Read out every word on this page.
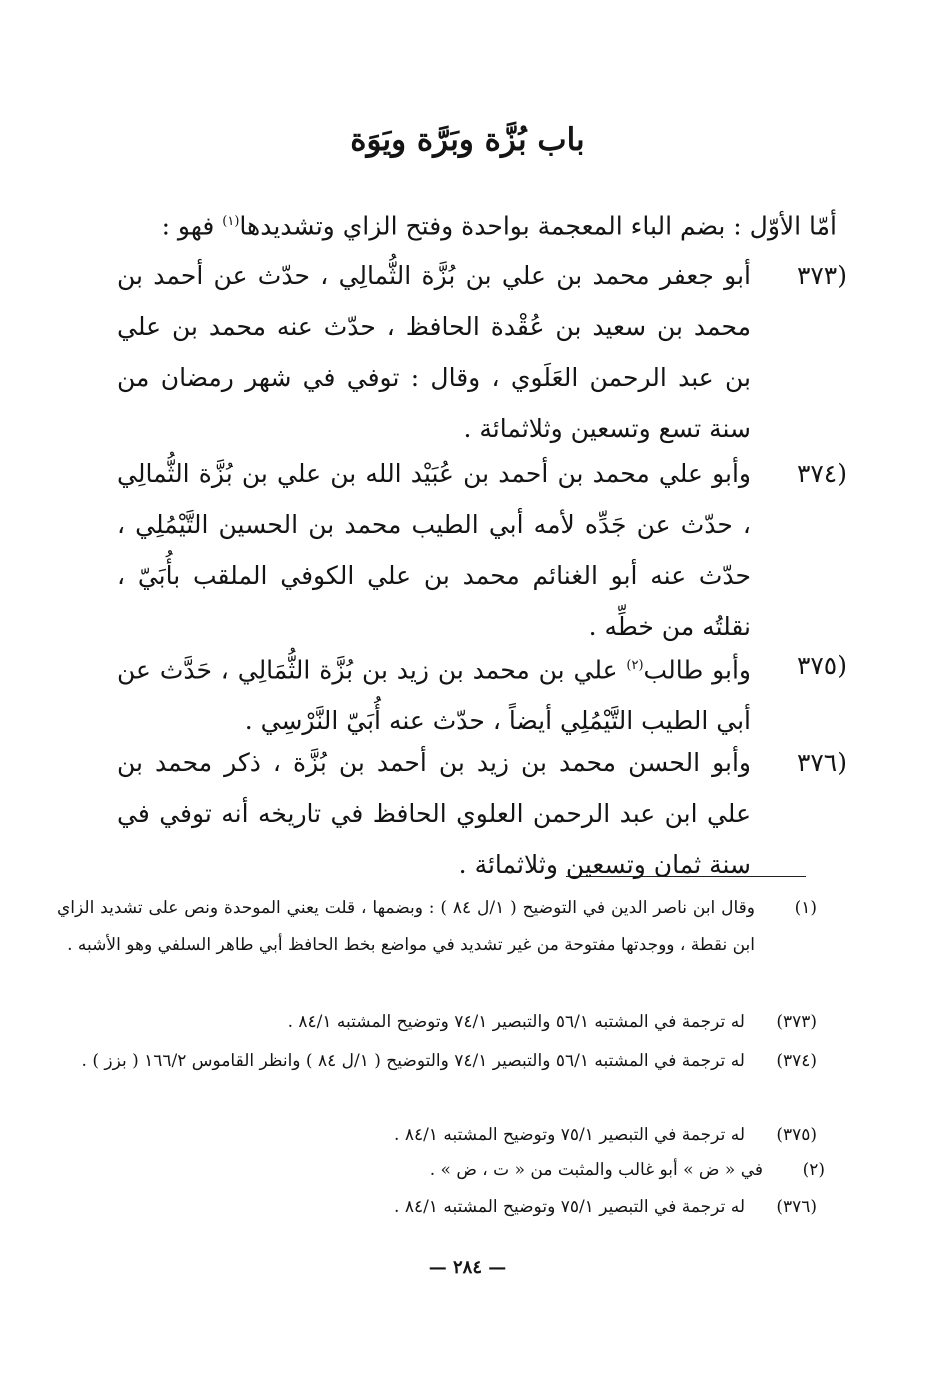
باب بُزَّة وبَرَّة ويَوَة
أمّا الأوّل : بضم الباء المعجمة بواحدة وفتح الزاي وتشديدها$^{(١)}$ فهو :
(٣٧٣
أبو جعفر محمد بن علي بن بُزَّة الثُّمالِي ، حدّث عن أحمد بن محمد بن سعيد بن عُقْدة الحافظ ، حدّث عنه محمد بن علي بن عبد الرحمن العَلَوي ، وقال : توفي في شهر رمضان من سنة تسع وتسعين وثلاثمائة .
(٣٧٤
وأبو علي محمد بن أحمد بن عُبَيْد الله بن علي بن بُزَّة الثُّمالِي ، حدّث عن جَدِّه لأمه أبي الطيب محمد بن الحسين التَّيْمُلِي ، حدّث عنه أبو الغنائم محمد بن علي الكوفي الملقب بأُبَيّ ، نقلتُه من خطِّه .
(٣٧٥
وأبو طالب$^{(٢)}$ علي بن محمد بن زيد بن بُزَّة الثُّمَالِي ، حَدَّث عن أبي الطيب التَّيْمُلِي أيضاً ، حدّث عنه أُبَيّ النَّرْسِي .
(٣٧٦
وأبو الحسن محمد بن زيد بن أحمد بن بُزَّة ، ذكر محمد بن علي ابن عبد الرحمن العلوي الحافظ في تاريخه أنه توفي في سنة ثمان وتسعين وثلاثمائة .
(١)
وقال ابن ناصر الدين في التوضيح ( ١/ل ٨٤ ) : وبضمها ، قلت يعني الموحدة ونص على تشديد الزاي ابن نقطة ، ووجدتها مفتوحة من غير تشديد في مواضع بخط الحافظ أبي طاهر السلفي وهو الأشبه .
(٣٧٣)
له ترجمة في المشتبه ٥٦/١ والتبصير ٧٤/١ وتوضيح المشتبه ٨٤/١ .
(٣٧٤)
له ترجمة في المشتبه ٥٦/١ والتبصير ٧٤/١ والتوضيح ( ١/ل ٨٤ ) وانظر القاموس ١٦٦/٢ ( بزز ) .
(٣٧٥)
له ترجمة في التبصير ٧٥/١ وتوضيح المشتبه ٨٤/١ .
(٢)
في « ض » أبو غالب والمثبت من « ت ، ض » .
(٣٧٦)
له ترجمة في التبصير ٧٥/١ وتوضيح المشتبه ٨٤/١ .
— ٢٨٤ —
